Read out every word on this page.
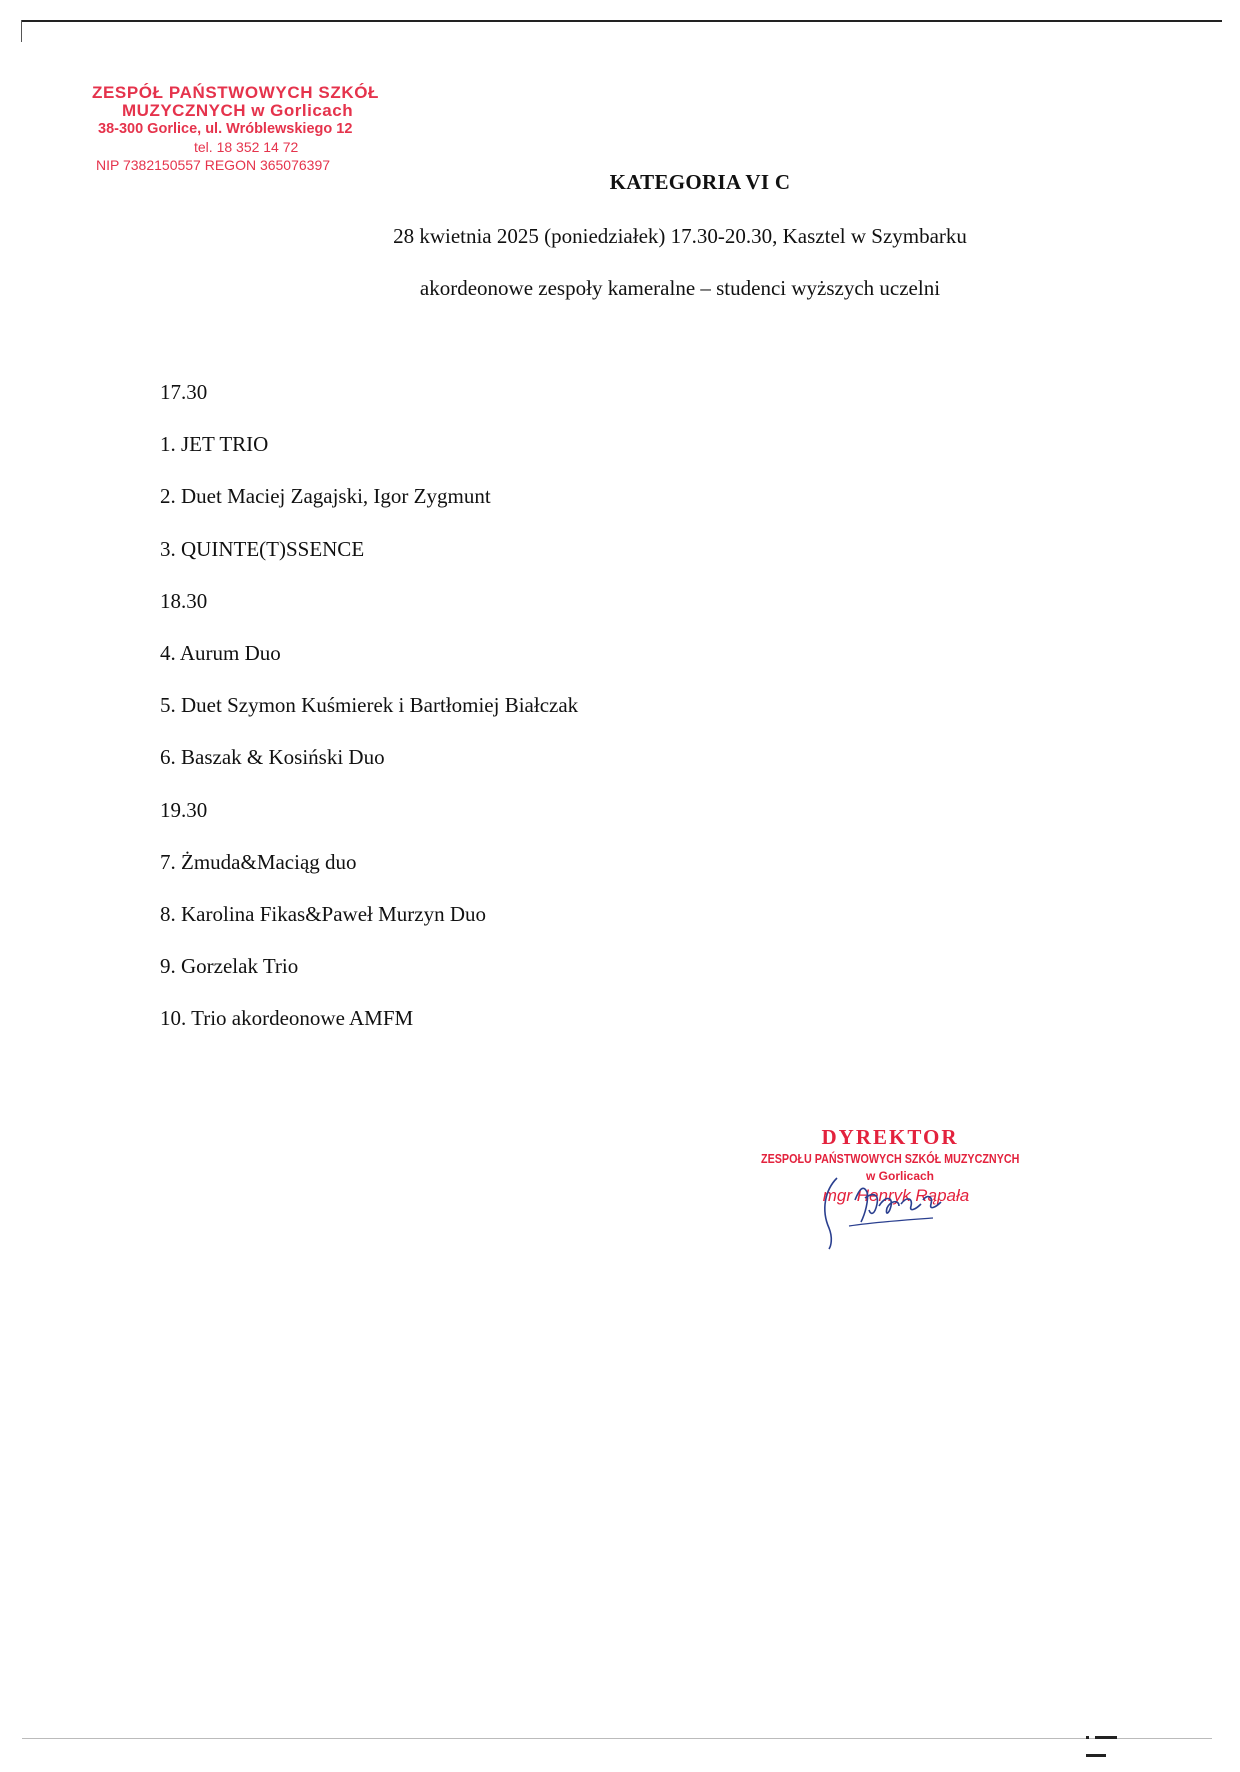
ZESPÓŁ PAŃSTWOWYCH SZKÓŁ
MUZYCZNYCH w Gorlicach
38-300 Gorlice, ul. Wróblewskiego 12
tel. 18 352 14 72
NIP 7382150557 REGON 365076397
KATEGORIA VI C
28 kwietnia 2025 (poniedziałek) 17.30-20.30, Kasztel w Szymbarku
akordeonowe zespoły kameralne – studenci wyższych uczelni
17.30
1. JET TRIO
2. Duet Maciej Zagajski, Igor Zygmunt
3. QUINTE(T)SSENCE
18.30
4. Aurum Duo
5. Duet Szymon Kuśmierek i Bartłomiej Białczak
6. Baszak & Kosiński Duo
19.30
7. Żmuda&Maciąg duo
8. Karolina Fikas&Paweł Murzyn Duo
9. Gorzelak Trio
10. Trio akordeonowe AMFM
DYREKTOR
ZESPOŁU PAŃSTWOWYCH SZKÓŁ MUZYCZNYCH
w Gorlicach
mgr Henryk Rąpała
